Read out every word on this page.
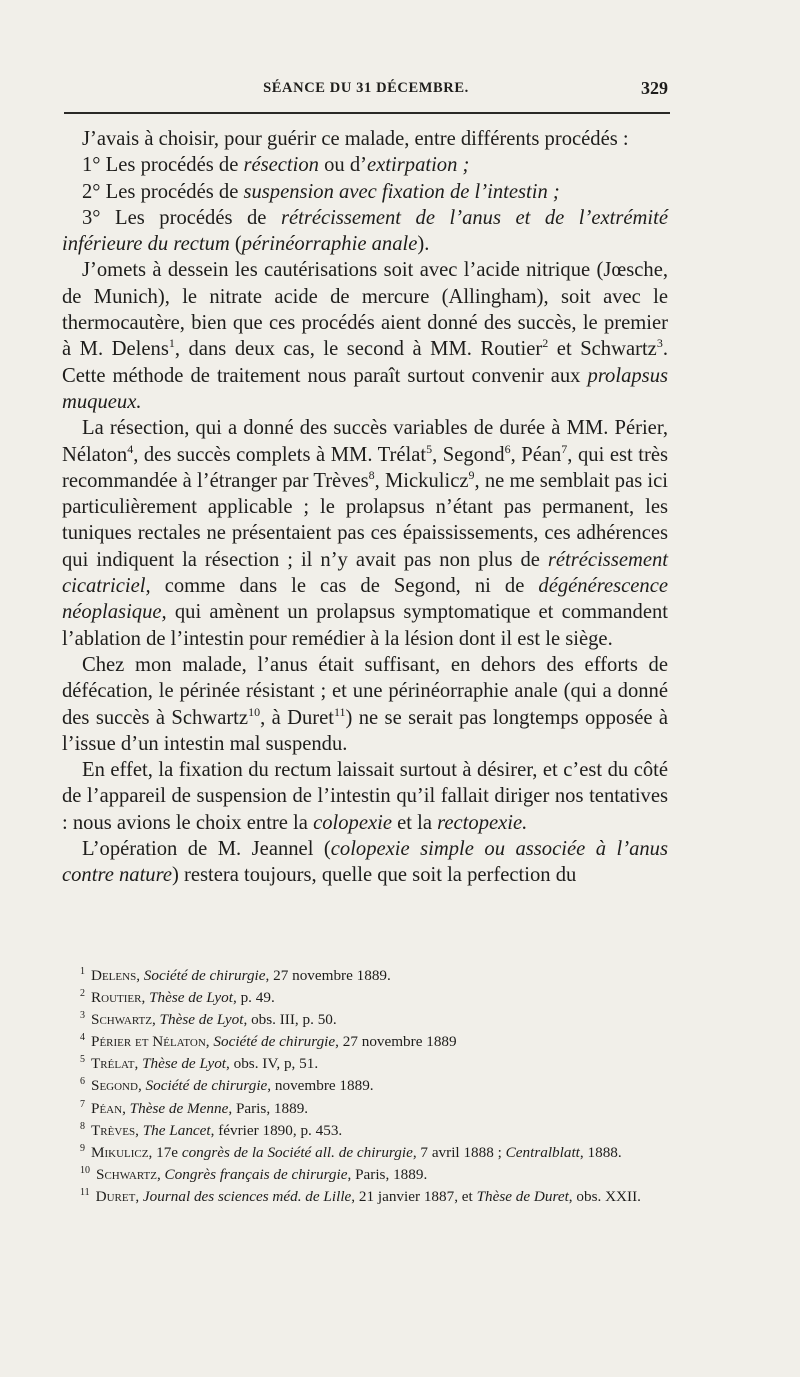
SÉANCE DU 31 DÉCEMBRE.	329

J’avais à choisir, pour guérir ce malade, entre différents procédés :

1° Les procédés de résection ou d’extirpation ;

2° Les procédés de suspension avec fixation de l’intestin ;

3° Les procédés de rétrécissement de l’anus et de l’extrémité inférieure du rectum (périnéorraphie anale).

J’omets à dessein les cautérisations soit avec l’acide nitrique (Jœsche, de Munich), le nitrate acide de mercure (Allingham), soit avec le thermocautère, bien que ces procédés aient donné des succès, le premier à M. Delens$^1$, dans deux cas, le second à MM. Routier$^2$ et Schwartz$^3$. Cette méthode de traitement nous paraît surtout convenir aux prolapsus muqueux.

La résection, qui a donné des succès variables de durée à MM. Périer, Nélaton$^4$, des succès complets à MM. Trélat$^5$, Segond$^6$, Péan$^7$, qui est très recommandée à l’étranger par Trèves$^8$, Mickulicz$^9$, ne me semblait pas ici particulièrement applicable ; le prolapsus n’étant pas permanent, les tuniques rectales ne présentaient pas ces épaississements, ces adhérences qui indiquent la résection ; il n’y avait pas non plus de rétrécissement cicatriciel, comme dans le cas de Segond, ni de dégénérescence néoplasique, qui amènent un prolapsus symptomatique et commandent l’ablation de l’intestin pour remédier à la lésion dont il est le siège.

Chez mon malade, l’anus était suffisant, en dehors des efforts de défécation, le périnée résistant ; et une périnéorraphie anale (qui a donné des succès à Schwartz$^{10}$, à Duret$^{11}$) ne se serait pas longtemps opposée à l’issue d’un intestin mal suspendu.

En effet, la fixation du rectum laissait surtout à désirer, et c’est du côté de l’appareil de suspension de l’intestin qu’il fallait diriger nos tentatives : nous avions le choix entre la colopexie et la rectopexie.

L’opération de M. Jeannel (colopexie simple ou associée à l’anus contre nature) restera toujours, quelle que soit la perfection du

$^1$ Delens, Société de chirurgie, 27 novembre 1889.
$^2$ Routier, Thèse de Lyot, p. 49.
$^3$ Schwartz, Thèse de Lyot, obs. III, p. 50.
$^4$ Périer et Nélaton, Société de chirurgie, 27 novembre 1889
$^5$ Trélat, Thèse de Lyot, obs. IV, p, 51.
$^6$ Segond, Société de chirurgie, novembre 1889.
$^7$ Péan, Thèse de Menne, Paris, 1889.
$^8$ Trèves, The Lancet, février 1890, p. 453.
$^9$ Mikulicz, 17e congrès de la Société all. de chirurgie, 7 avril 1888 ; Centralblatt, 1888.
$^{10}$ Schwartz, Congrès français de chirurgie, Paris, 1889.
$^{11}$ Duret, Journal des sciences méd. de Lille, 21 janvier 1887, et Thèse de Duret, obs. XXII.
